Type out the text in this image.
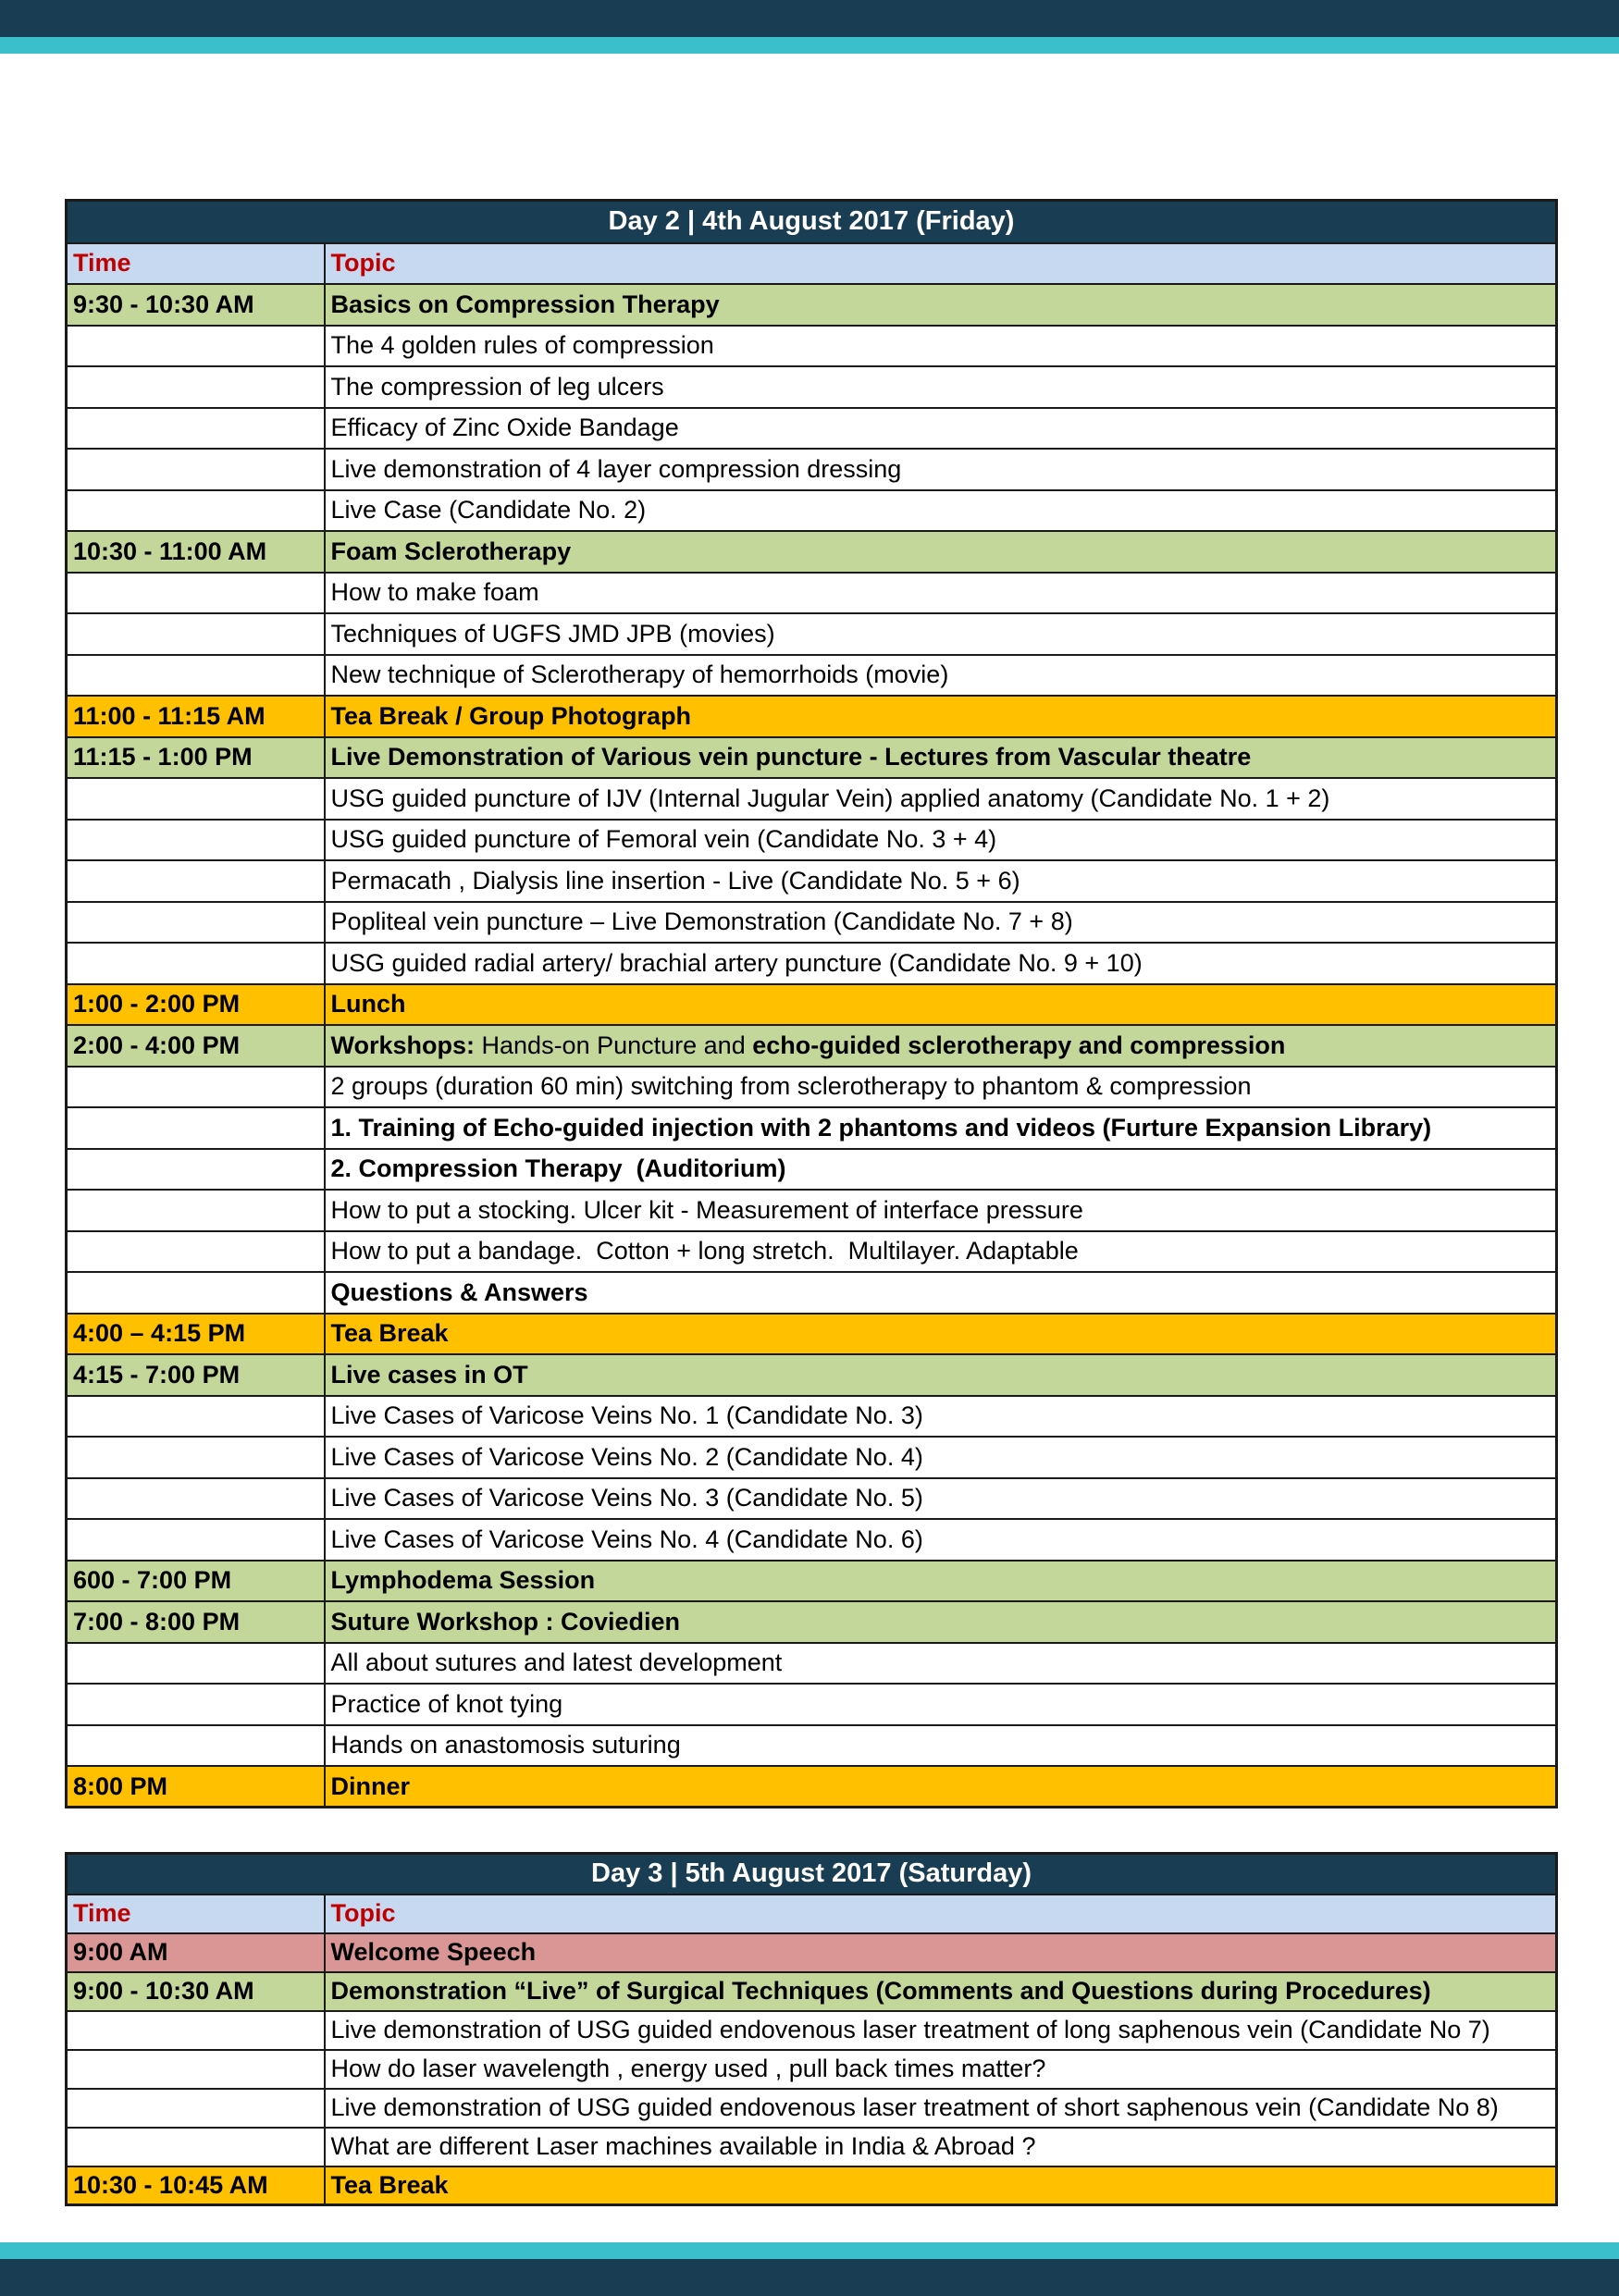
Day 2 | 4th August 2017 (Friday)	
Time	Topic
9:30 - 10:30 AM	Basics on Compression Therapy
	The 4 golden rules of compression
	The compression of leg ulcers
	Efficacy of Zinc Oxide Bandage
	Live demonstration of 4 layer compression dressing
	Live Case (Candidate No. 2)
10:30 - 11:00 AM	Foam Sclerotherapy
	How to make foam
	Techniques of UGFS JMD JPB (movies)
	New technique of Sclerotherapy of hemorrhoids (movie)
11:00 - 11:15 AM	Tea Break / Group Photograph
11:15 - 1:00 PM	Live Demonstration of Various vein puncture - Lectures from Vascular theatre
	USG guided puncture of IJV (Internal Jugular Vein) applied anatomy (Candidate No. 1 + 2)
	USG guided puncture of Femoral vein (Candidate No. 3 + 4)
	Permacath , Dialysis line insertion - Live (Candidate No. 5 + 6)
	Popliteal vein puncture – Live Demonstration (Candidate No. 7 + 8)
	USG guided radial artery/ brachial artery puncture (Candidate No. 9 + 10)
1:00 - 2:00 PM	Lunch
2:00 - 4:00 PM	Workshops: Hands-on Puncture and echo-guided sclerotherapy and compression
	2 groups (duration 60 min) switching from sclerotherapy to phantom & compression
	1. Training of Echo-guided injection with 2 phantoms and videos (Furture Expansion Library)
	2. Compression Therapy  (Auditorium)
	How to put a stocking. Ulcer kit - Measurement of interface pressure
	How to put a bandage.  Cotton + long stretch.  Multilayer. Adaptable
	Questions & Answers
4:00 – 4:15 PM	Tea Break
4:15 - 7:00 PM	Live cases in OT
	Live Cases of Varicose Veins No. 1 (Candidate No. 3)
	Live Cases of Varicose Veins No. 2 (Candidate No. 4)
	Live Cases of Varicose Veins No. 3 (Candidate No. 5)
	Live Cases of Varicose Veins No. 4 (Candidate No. 6)
600 - 7:00 PM	Lymphodema Session
7:00 - 8:00 PM	Suture Workshop : Coviedien
	All about sutures and latest development
	Practice of knot tying
	Hands on anastomosis suturing
8:00 PM	Dinner
Day 3 | 5th August 2017 (Saturday)	
Time	Topic
9:00 AM	Welcome Speech
9:00 - 10:30 AM	Demonstration “Live” of Surgical Techniques (Comments and Questions during Procedures)
	Live demonstration of USG guided endovenous laser treatment of long saphenous vein (Candidate No 7)
	How do laser wavelength , energy used , pull back times matter?
	Live demonstration of USG guided endovenous laser treatment of short saphenous vein (Candidate No 8)
	What are different Laser machines available in India & Abroad ?
10:30 - 10:45 AM	Tea Break
